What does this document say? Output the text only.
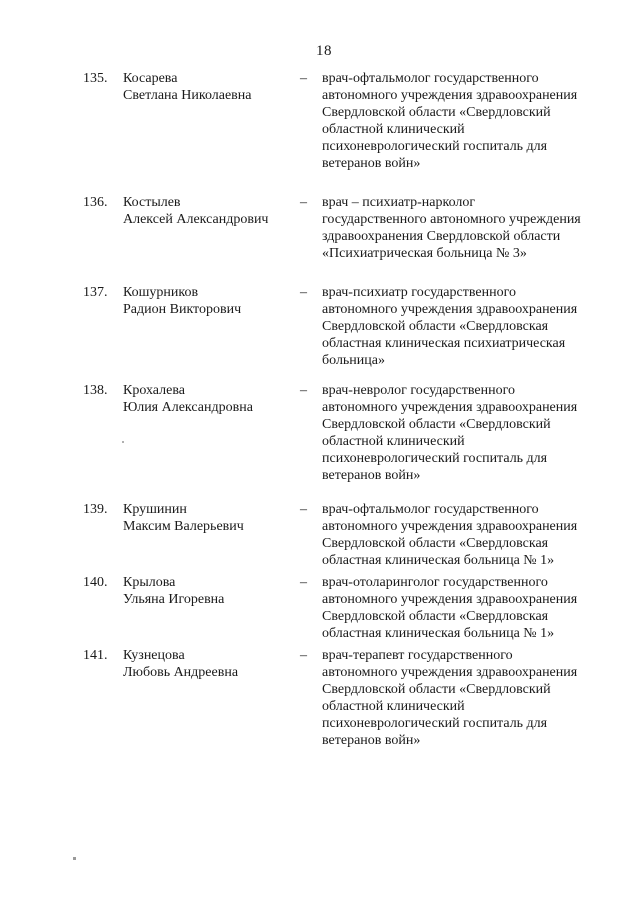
18
135.	Косарева
Светлана Николаевна
–	врач-офтальмолог государственного
автономного учреждения здравоохранения
Свердловской области «Свердловский
областной клинический
психоневрологический госпиталь для
ветеранов войн»
136.	Костылев
Алексей Александрович
–	врач – психиатр-нарколог
государственного автономного учреждения
здравоохранения Свердловской области
«Психиатрическая больница № 3»
137.	Кошурников
Радион Викторович
–	врач-психиатр государственного
автономного учреждения здравоохранения
Свердловской области «Свердловская
областная клиническая психиатрическая
больница»
138.	Крохалева
Юлия Александровна
–	врач-невролог государственного
автономного учреждения здравоохранения
Свердловской области «Свердловский
областной клинический
психоневрологический госпиталь для
ветеранов войн»
139.	Крушинин
Максим Валерьевич
–	врач-офтальмолог государственного
автономного учреждения здравоохранения
Свердловской области «Свердловская
областная клиническая больница № 1»
140.	Крылова
Ульяна Игоревна
–	врач-отоларинголог государственного
автономного учреждения здравоохранения
Свердловской области «Свердловская
областная клиническая больница № 1»
141.	Кузнецова
Любовь Андреевна
–	врач-терапевт государственного
автономного учреждения здравоохранения
Свердловской области «Свердловский
областной клинический
психоневрологический госпиталь для
ветеранов войн»
